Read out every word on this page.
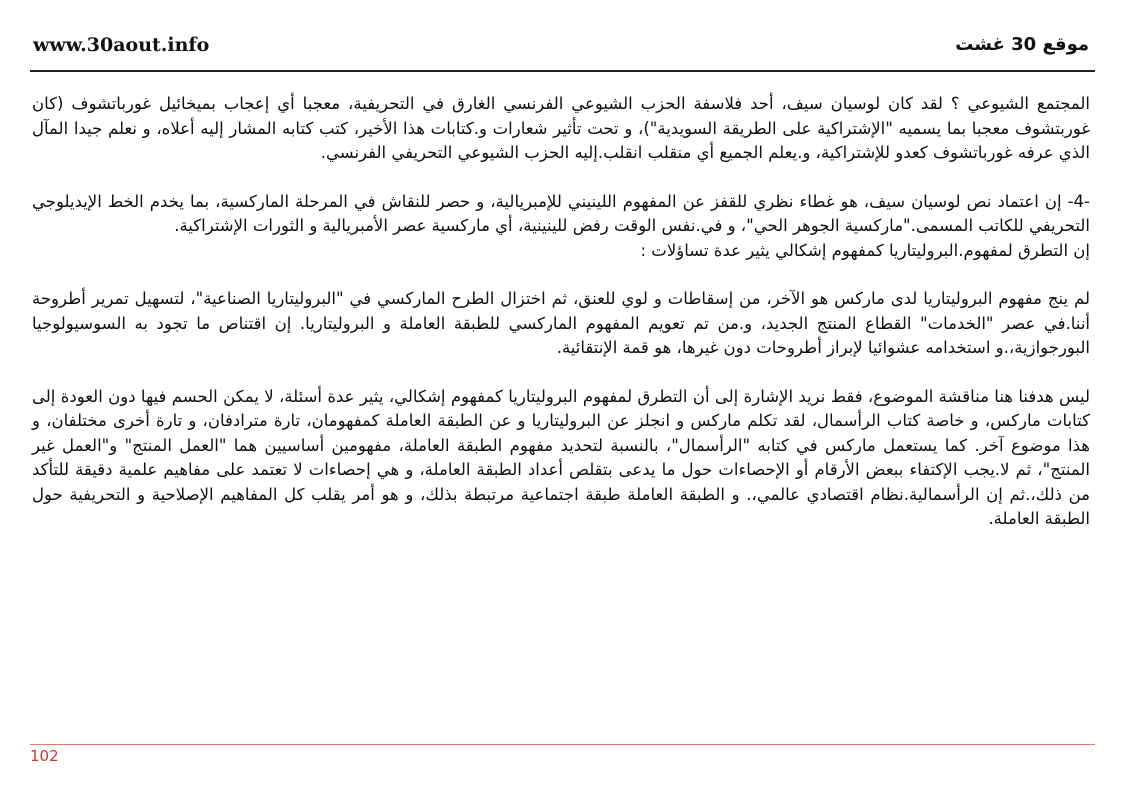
www.30aout.info	موقع 30 غشت

المجتمع الشيوعي ؟ لقد كان لوسيان سيف، أحد فلاسفة الحزب الشيوعي الفرنسي الغارق في التحريفية، معجبا أي إعجاب بميخائيل غورباتشوف (كان غوربتشوف معجبا بما يسميه "الإشتراكية على الطريقة السويدية")، و تحت تأثير شعارات و.كتابات هذا الأخير، كتب كتابه المشار إليه أعلاه، و نعلم جيدا المآل الذي عرفه غورباتشوف كعدو للإشتراكية، و.يعلم الجميع أي منقلب انقلب.إليه الحزب الشيوعي التحريفي الفرنسي.

-4- إن اعتماد نص لوسيان سيف، هو غطاء نظري للقفز عن المفهوم اللينيني للإمبريالية، و حصر للنقاش في المرحلة الماركسية، بما يخدم الخط الإيديلوجي التحريفي للكاتب المسمى."ماركسية الجوهر الحي"، و في.نفس الوقت رفض للينينية، أي ماركسية عصر الأمبريالية و الثورات الإشتراكية.

إن التطرق لمفهوم.البروليتاريا كمفهوم إشكالي يثير عدة تساؤلات :

لم ينج مفهوم البروليتاريا لدى ماركس هو الآخر، من إسقاطات و لوي للعنق، ثم اختزال الطرح الماركسي في "البروليتاريا الصناعية"، لتسهيل تمرير أطروحة أننا.في عصر "الخدمات" القطاع المنتج الجديد، و.من تم تعويم المفهوم الماركسي للطبقة العاملة و البروليتاريا. إن اقتناص ما تجود به السوسيولوجيا البورجوازية،.و استخدامه عشوائيا لإبراز أطروحات دون غيرها، هو قمة الإنتقائية.

ليس هدفنا هنا مناقشة الموضوع، فقط نريد الإشارة إلى أن التطرق لمفهوم البروليتاريا كمفهوم إشكالي، يثير عدة أسئلة، لا يمكن الحسم فيها دون العودة إلى كتابات ماركس، و خاصة كتاب الرأسمال، لقد تكلم ماركس و انجلز عن البروليتاريا و عن الطبقة العاملة كمفهومان، تارة مترادفان، و تارة أخرى مختلفان، و هذا موضوع آخر. كما يستعمل ماركس في كتابه "الرأسمال"، بالنسبة لتحديد مفهوم الطبقة العاملة، مفهومين أساسيين هما "العمل المنتج" و"العمل غير المنتج"، ثم لا.يجب الإكتفاء ببعض الأرقام أو الإحصاءات حول ما يدعى بتقلص أعداد الطبقة العاملة، و هي إحصاءات لا تعتمد على مفاهيم علمية دقيقة للتأكد من ذلك،.ثم إن الرأسمالية.نظام اقتصادي عالمي،. و الطبقة العاملة طبقة اجتماعية مرتبطة بذلك، و هو أمر يقلب كل المفاهيم الإصلاحية و التحريفية حول الطبقة العاملة.

102
